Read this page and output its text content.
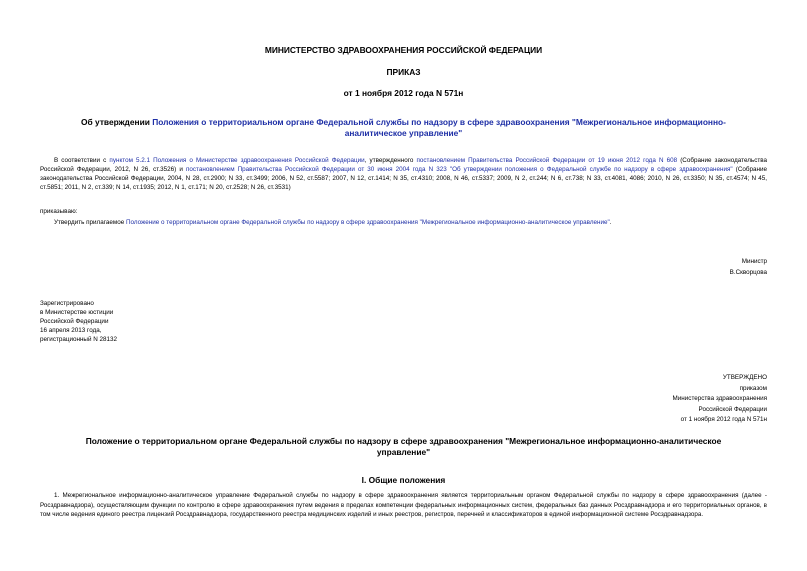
МИНИСТЕРСТВО ЗДРАВООХРАНЕНИЯ РОССИЙСКОЙ ФЕДЕРАЦИИ
ПРИКАЗ
от 1 ноября 2012 года N 571н
Об утверждении Положения о территориальном органе Федеральной службы по надзору в сфере здравоохранения "Межрегиональное информационно-аналитическое управление"
В соответствии с пунктом 5.2.1 Положения о Министерстве здравоохранения Российской Федерации, утвержденного постановлением Правительства Российской Федерации от 19 июня 2012 года N 608 (Собрание законодательства Российской Федерации, 2012, N 26, ст.3526) и постановлением Правительства Российской Федерации от 30 июня 2004 года N 323 "Об утверждении положения о Федеральной службе по надзору в сфере здравоохранения" (Собрание законодательства Российской Федерации, 2004, N 28, ст.2900; N 33, ст.3499; 2006, N 52, ст.5587; 2007, N 12, ст.1414; N 35, ст.4310; 2008, N 46, ст.5337; 2009, N 2, ст.244; N 6, ст.738; N 33, ст.4081, 4086; 2010, N 26, ст.3350; N 35, ст.4574; N 45, ст.5851; 2011, N 2, ст.339; N 14, ст.1935; 2012, N 1, ст.171; N 20, ст.2528; N 26, ст.3531)
приказываю:
Утвердить прилагаемое Положение о территориальном органе Федеральной службы по надзору в сфере здравоохранения "Межрегиональное информационно-аналитическое управление".
Министр
В.Скворцова
Зарегистрировано
в Министерстве юстиции
Российской Федерации
16 апреля 2013 года,
регистрационный N 28132
УТВЕРЖДЕНО
приказом
Министерства здравоохранения
Российской Федерации
от 1 ноября 2012 года N 571н
Положение о территориальном органе Федеральной службы по надзору в сфере здравоохранения "Межрегиональное информационно-аналитическое управление"
I. Общие положения
1. Межрегиональное информационно-аналитическое управление Федеральной службы по надзору в сфере здравоохранения является территориальным органом Федеральной службы по надзору в сфере здравоохранения (далее - Росздравнадзора), осуществляющим функции по контролю в сфере здравоохранения путем ведения в пределах компетенции федеральных информационных систем, федеральных баз данных Росздравнадзора и его территориальных органов, в том числе ведения единого реестра лицензий Росздравнадзора, государственного реестра медицинских изделий и иных реестров, регистров, перечней и классификаторов в единой информационной системе Росздравнадзора.
